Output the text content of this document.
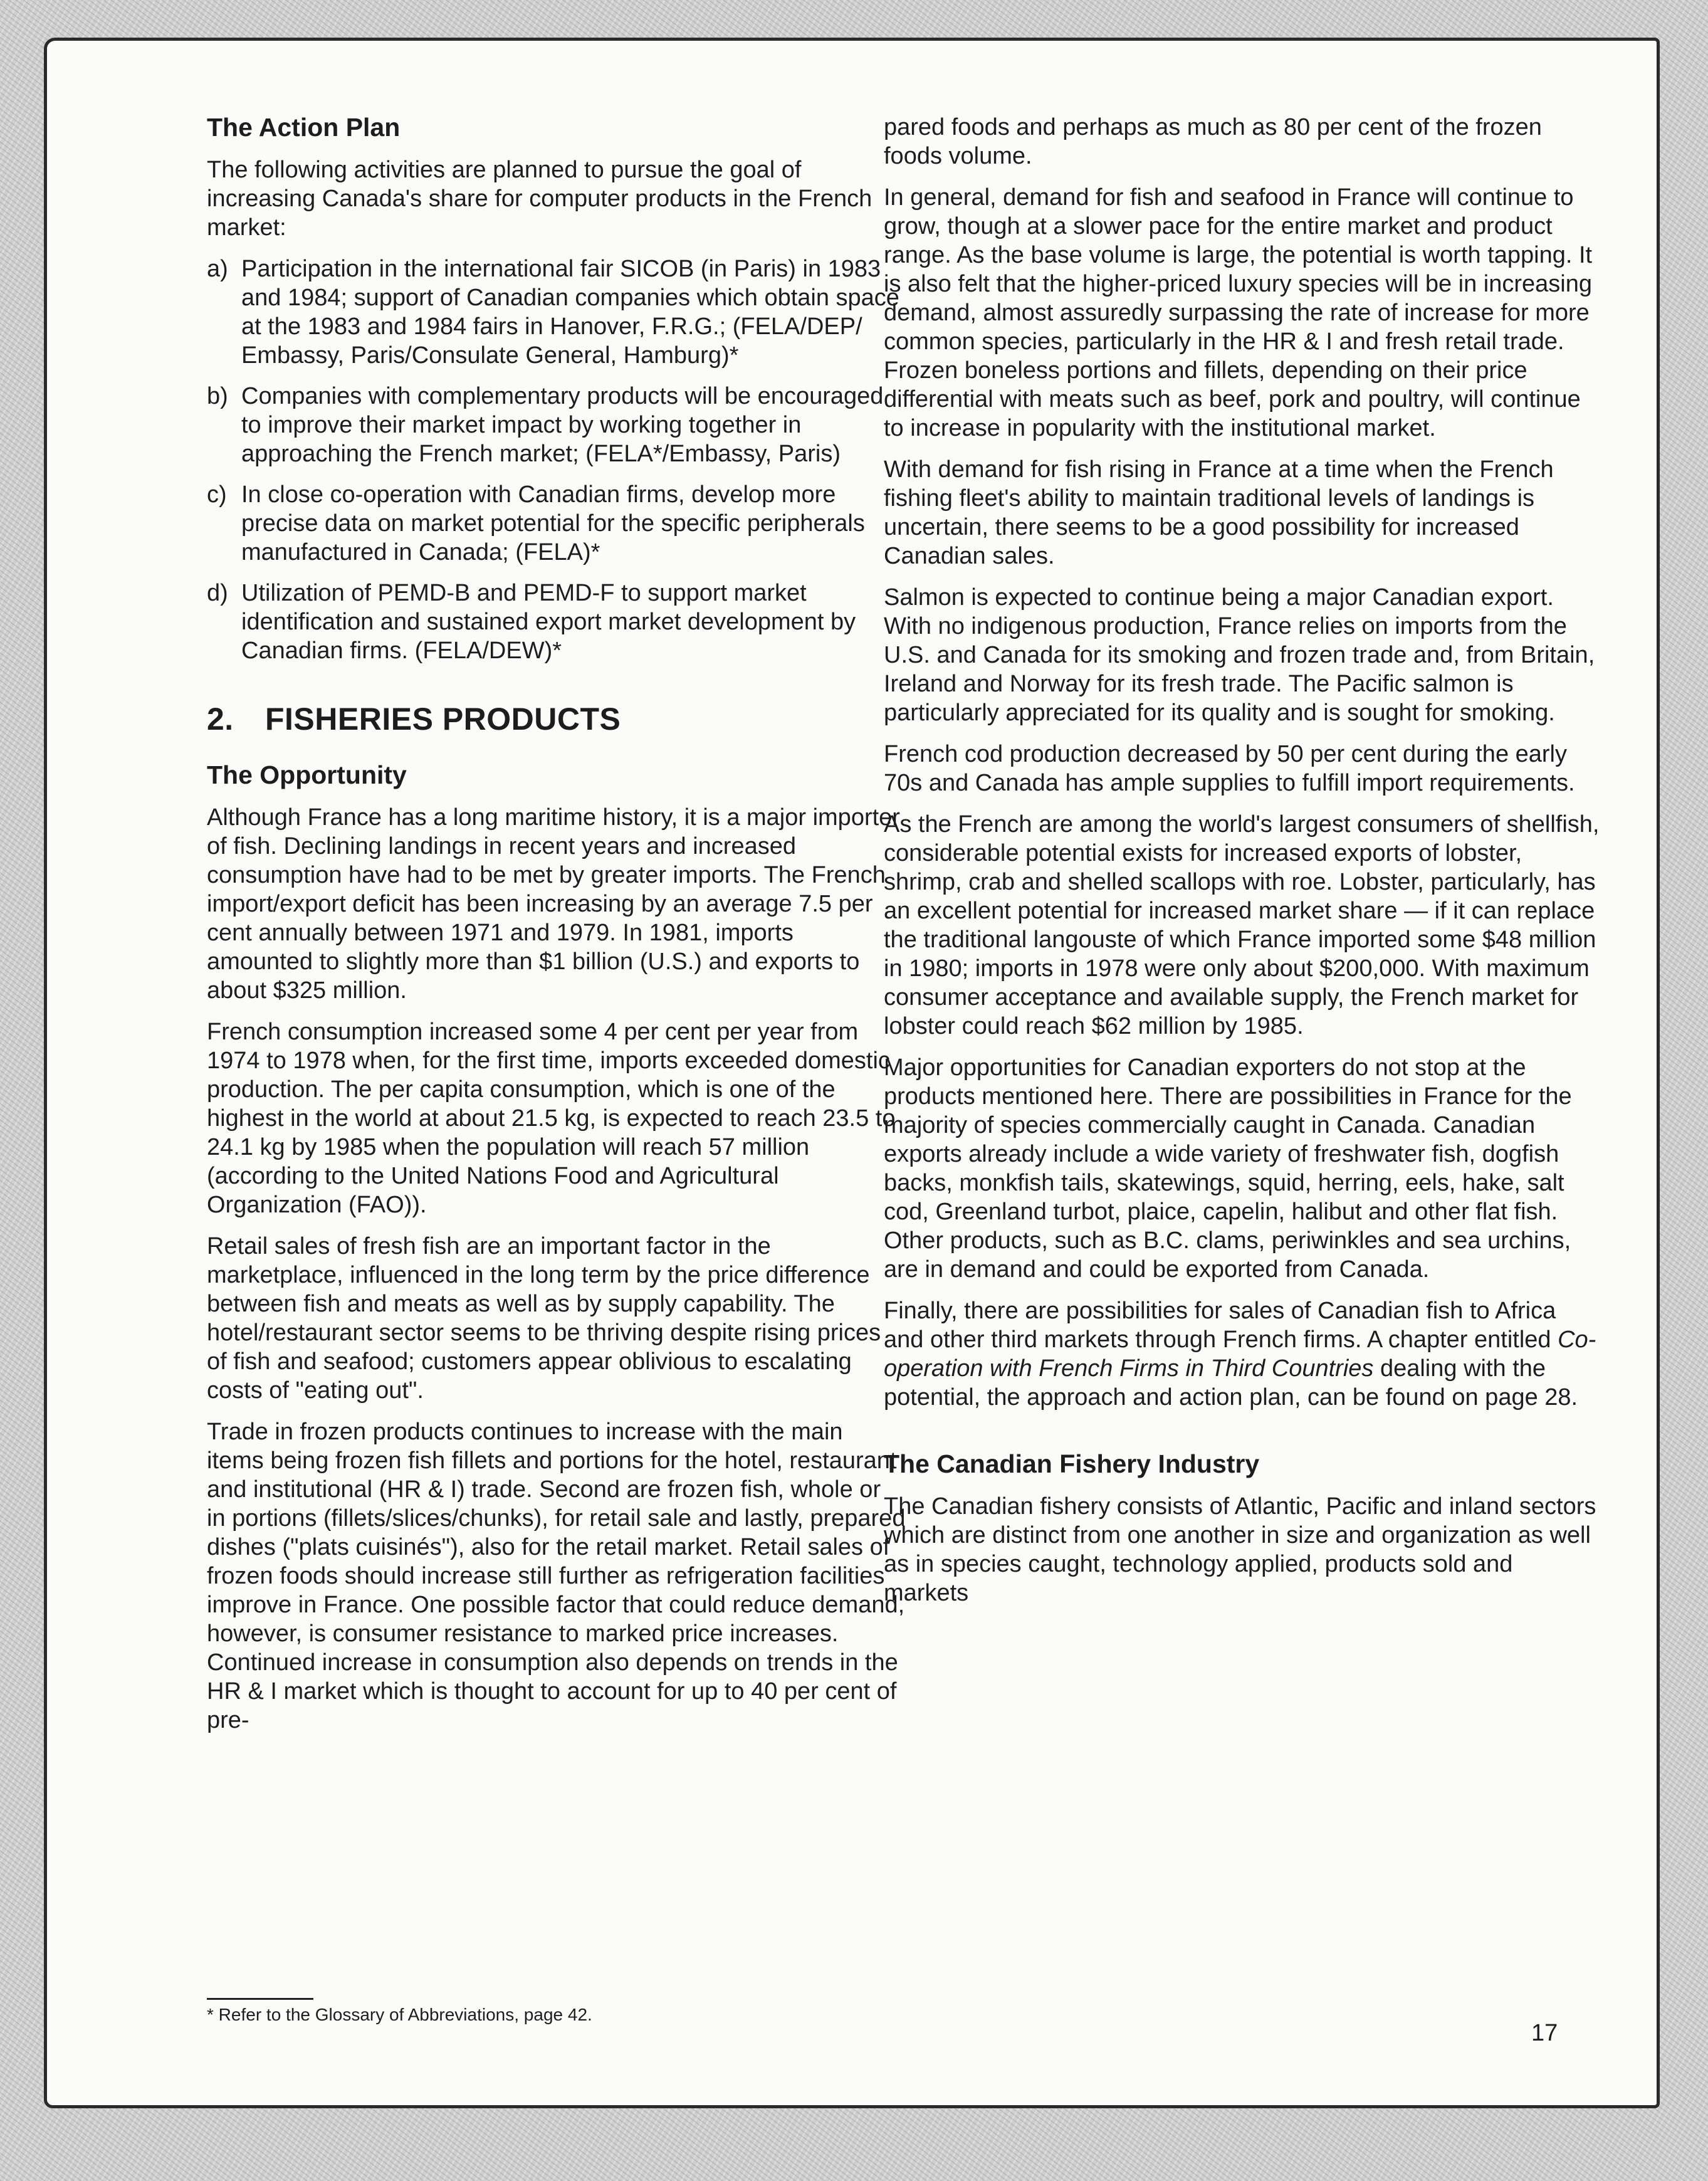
The Action Plan

The following activities are planned to pursue the goal of increasing Canada's share for computer products in the French market:

a) Participation in the international fair SICOB (in Paris) in 1983 and 1984; support of Canadian companies which obtain space at the 1983 and 1984 fairs in Hanover, F.R.G.; (FELA/DEP/ Embassy, Paris/Consulate General, Hamburg)*
b) Companies with complementary products will be encouraged to improve their market impact by working together in approaching the French market; (FELA*/Embassy, Paris)
c) In close co-operation with Canadian firms, develop more precise data on market potential for the specific peripherals manufactured in Canada; (FELA)*
d) Utilization of PEMD-B and PEMD-F to support market identification and sustained export market development by Canadian firms. (FELA/DEW)*
2. FISHERIES PRODUCTS
The Opportunity

Although France has a long maritime history, it is a major importer of fish. Declining landings in recent years and increased consumption have had to be met by greater imports. The French import/export deficit has been increasing by an average 7.5 per cent annually between 1971 and 1979. In 1981, imports amounted to slightly more than $1 billion (U.S.) and exports to about $325 million.

French consumption increased some 4 per cent per year from 1974 to 1978 when, for the first time, imports exceeded domestic production. The per capita consumption, which is one of the highest in the world at about 21.5 kg, is expected to reach 23.5 to 24.1 kg by 1985 when the population will reach 57 million (according to the United Nations Food and Agricultural Organization (FAO)).

Retail sales of fresh fish are an important factor in the marketplace, influenced in the long term by the price difference between fish and meats as well as by supply capability. The hotel/restaurant sector seems to be thriving despite rising prices of fish and seafood; customers appear oblivious to escalating costs of "eating out".

Trade in frozen products continues to increase with the main items being frozen fish fillets and portions for the hotel, restaurant and institutional (HR & I) trade. Second are frozen fish, whole or in portions (fillets/slices/chunks), for retail sale and lastly, prepared dishes ("plats cuisinés"), also for the retail market. Retail sales of frozen foods should increase still further as refrigeration facilities improve in France. One possible factor that could reduce demand, however, is consumer resistance to marked price increases. Continued increase in consumption also depends on trends in the HR & I market which is thought to account for up to 40 per cent of pre-

pared foods and perhaps as much as 80 per cent of the frozen foods volume.

In general, demand for fish and seafood in France will continue to grow, though at a slower pace for the entire market and product range. As the base volume is large, the potential is worth tapping. It is also felt that the higher-priced luxury species will be in increasing demand, almost assuredly surpassing the rate of increase for more common species, particularly in the HR & I and fresh retail trade. Frozen boneless portions and fillets, depending on their price differential with meats such as beef, pork and poultry, will continue to increase in popularity with the institutional market.

With demand for fish rising in France at a time when the French fishing fleet's ability to maintain traditional levels of landings is uncertain, there seems to be a good possibility for increased Canadian sales.

Salmon is expected to continue being a major Canadian export. With no indigenous production, France relies on imports from the U.S. and Canada for its smoking and frozen trade and, from Britain, Ireland and Norway for its fresh trade. The Pacific salmon is particularly appreciated for its quality and is sought for smoking.

French cod production decreased by 50 per cent during the early 70s and Canada has ample supplies to fulfill import requirements.

As the French are among the world's largest consumers of shellfish, considerable potential exists for increased exports of lobster, shrimp, crab and shelled scallops with roe. Lobster, particularly, has an excellent potential for increased market share — if it can replace the traditional langouste of which France imported some $48 million in 1980; imports in 1978 were only about $200,000. With maximum consumer acceptance and available supply, the French market for lobster could reach $62 million by 1985.

Major opportunities for Canadian exporters do not stop at the products mentioned here. There are possibilities in France for the majority of species commercially caught in Canada. Canadian exports already include a wide variety of freshwater fish, dogfish backs, monkfish tails, skatewings, squid, herring, eels, hake, salt cod, Greenland turbot, plaice, capelin, halibut and other flat fish. Other products, such as B.C. clams, periwinkles and sea urchins, are in demand and could be exported from Canada.

Finally, there are possibilities for sales of Canadian fish to Africa and other third markets through French firms. A chapter entitled Co-operation with French Firms in Third Countries dealing with the potential, the approach and action plan, can be found on page 28.

The Canadian Fishery Industry

The Canadian fishery consists of Atlantic, Pacific and inland sectors which are distinct from one another in size and organization as well as in species caught, technology applied, products sold and markets

* Refer to the Glossary of Abbreviations, page 42.
17
